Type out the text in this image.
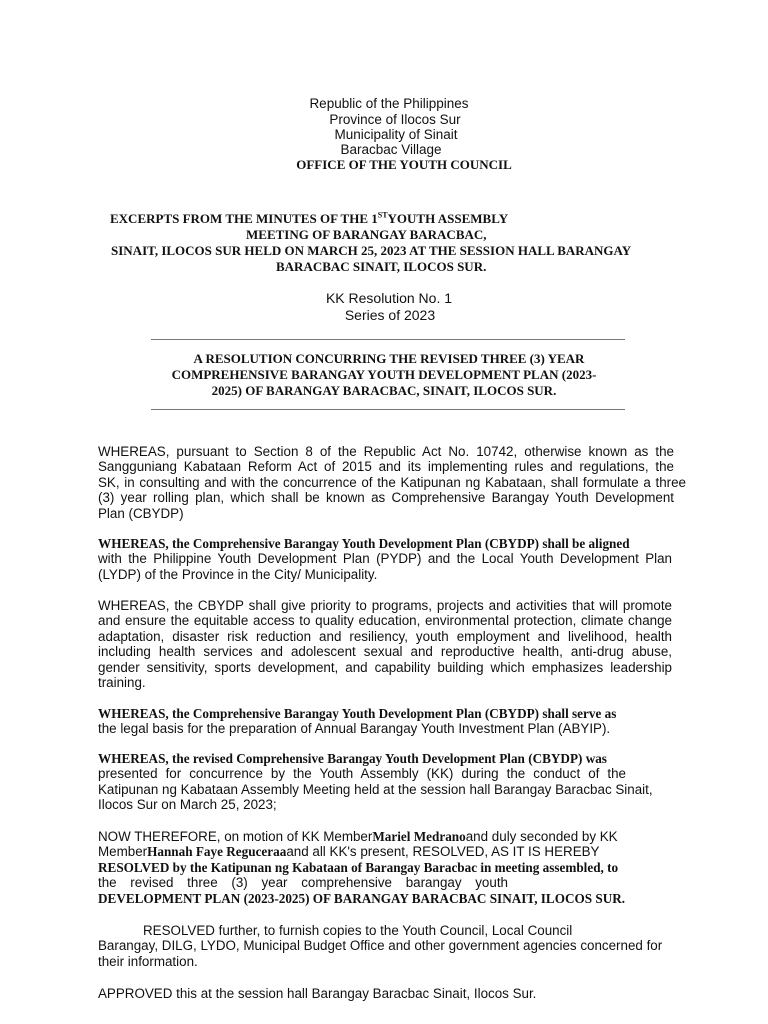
Republic of the Philippines
Province of Ilocos Sur
Municipality of Sinait
Baracbac Village
OFFICE OF THE YOUTH COUNCIL
EXCERPTS FROM THE MINUTES OF THE 1STYOUTH ASSEMBLY
MEETING OF BARANGAY BARACBAC,
SINAIT, ILOCOS SUR HELD ON MARCH 25, 2023 AT THE SESSION HALL BARANGAY
BARACBAC SINAIT, ILOCOS SUR.
KK Resolution No. 1
Series of 2023
A RESOLUTION CONCURRING THE REVISED THREE (3) YEAR
COMPREHENSIVE BARANGAY YOUTH DEVELOPMENT PLAN (2023-
2025) OF BARANGAY BARACBAC, SINAIT, ILOCOS SUR.
WHEREAS, pursuant to Section 8 of the Republic Act No. 10742, otherwise known as the
Sangguniang Kabataan Reform Act of 2015 and its implementing rules and regulations, the
SK, in consulting and with the concurrence of the Katipunan ng Kabataan, shall formulate a three
(3) year rolling plan, which shall be known as Comprehensive Barangay Youth Development
Plan (CBYDP)
WHEREAS, the Comprehensive Barangay Youth Development Plan (CBYDP) shall be aligned
with the Philippine Youth Development Plan (PYDP) and the Local Youth Development Plan
(LYDP) of the Province in the City/ Municipality.
WHEREAS, the CBYDP shall give priority to programs, projects and activities that will promote
and ensure the equitable access to quality education, environmental protection, climate change
adaptation, disaster risk reduction and resiliency, youth employment and livelihood, health
including health services and adolescent sexual and reproductive health, anti-drug abuse,
gender sensitivity, sports development, and capability building which emphasizes leadership
training.
WHEREAS, the Comprehensive Barangay Youth Development Plan (CBYDP) shall serve as
the legal basis for the preparation of Annual Barangay Youth Investment Plan (ABYIP).
WHEREAS, the revised Comprehensive Barangay Youth Development Plan (CBYDP) was
presented for concurrence by the Youth Assembly (KK) during the conduct of the
Katipunan ng Kabataan Assembly Meeting held at the session hall Barangay Baracbac Sinait,
Ilocos Sur on March 25, 2023;
NOW THEREFORE, on motion of KK MemberMariel Medranoand duly seconded by KK
MemberHannah Faye Reguceraaand all KK's present, RESOLVED, AS IT IS HEREBY
RESOLVED by the Katipunan ng Kabataan of Barangay Baracbac in meeting assembled, to
the revised three (3) year comprehensive barangay youth
DEVELOPMENT PLAN (2023-2025) OF BARANGAY BARACBAC SINAIT, ILOCOS SUR.
RESOLVED further, to furnish copies to the Youth Council, Local Council
Barangay, DILG, LYDO, Municipal Budget Office and other government agencies concerned for
their information.
APPROVED this at the session hall Barangay Baracbac Sinait, Ilocos Sur.
